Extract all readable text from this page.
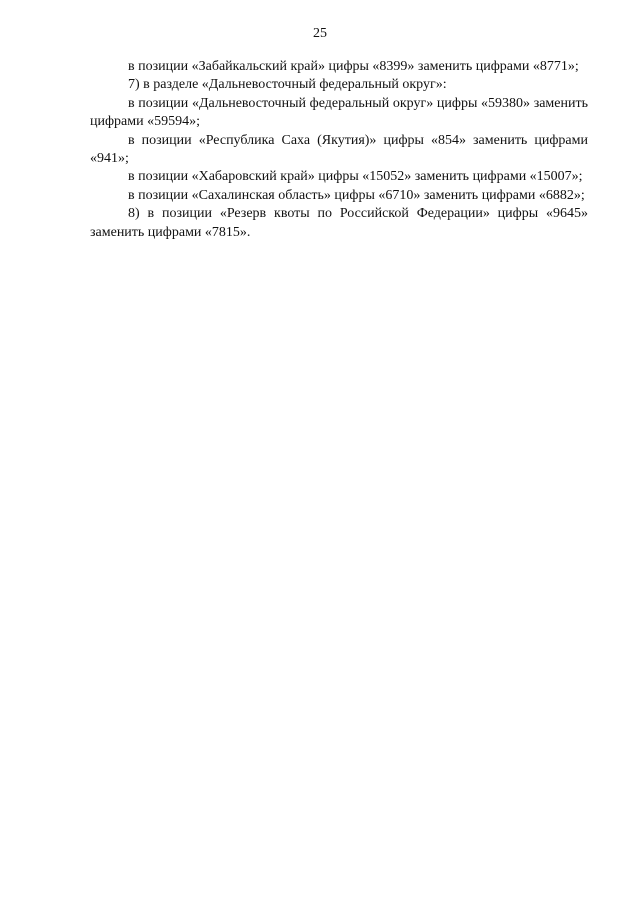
25

в позиции «Забайкальский край» цифры «8399» заменить цифрами «8771»;

7) в разделе «Дальневосточный федеральный округ»:

в позиции «Дальневосточный федеральный округ» цифры «59380» заменить цифрами «59594»;

в позиции «Республика Саха (Якутия)» цифры «854» заменить цифрами «941»;

в позиции «Хабаровский край» цифры «15052» заменить цифрами «15007»;

в позиции «Сахалинская область» цифры «6710» заменить цифрами «6882»;

8) в позиции «Резерв квоты по Российской Федерации» цифры «9645» заменить цифрами «7815».
